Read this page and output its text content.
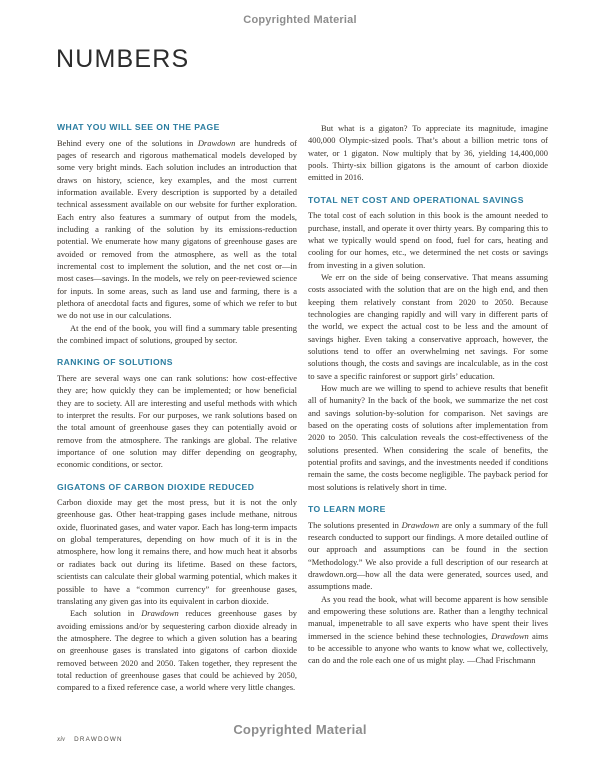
Copyrighted Material
NUMBERS
WHAT YOU WILL SEE ON THE PAGE

Behind every one of the solutions in Drawdown are hundreds of pages of research and rigorous mathematical models developed by some very bright minds. Each solution includes an introduction that draws on history, science, key examples, and the most current information available. Every description is supported by a detailed technical assessment available on our website for further exploration. Each entry also features a summary of output from the models, including a ranking of the solution by its emissions-reduction potential. We enumerate how many gigatons of greenhouse gases are avoided or removed from the atmosphere, as well as the total incremental cost to implement the solution, and the net cost or—in most cases—savings. In the models, we rely on peer-reviewed science for inputs. In some areas, such as land use and farming, there is a plethora of anecdotal facts and figures, some of which we refer to but we do not use in our calculations.

At the end of the book, you will find a summary table presenting the combined impact of solutions, grouped by sector.

RANKING OF SOLUTIONS

There are several ways one can rank solutions: how cost-effective they are; how quickly they can be implemented; or how beneficial they are to society. All are interesting and useful methods with which to interpret the results. For our purposes, we rank solutions based on the total amount of greenhouse gases they can potentially avoid or remove from the atmosphere. The rankings are global. The relative importance of one solution may differ depending on geography, economic conditions, or sector.

GIGATONS OF CARBON DIOXIDE REDUCED

Carbon dioxide may get the most press, but it is not the only greenhouse gas. Other heat-trapping gases include methane, nitrous oxide, fluorinated gases, and water vapor. Each has long-term impacts on global temperatures, depending on how much of it is in the atmosphere, how long it remains there, and how much heat it absorbs or radiates back out during its lifetime. Based on these factors, scientists can calculate their global warming potential, which makes it possible to have a “common currency” for greenhouse gases, translating any given gas into its equivalent in carbon dioxide.

Each solution in Drawdown reduces greenhouse gases by avoiding emissions and/or by sequestering carbon dioxide already in the atmosphere. The degree to which a given solution has a bearing on greenhouse gases is translated into gigatons of carbon dioxide removed between 2020 and 2050. Taken together, they represent the total reduction of greenhouse gases that could be achieved by 2050, compared to a fixed reference case, a world where very little changes.

But what is a gigaton? To appreciate its magnitude, imagine 400,000 Olympic-sized pools. That’s about a billion metric tons of water, or 1 gigaton. Now multiply that by 36, yielding 14,400,000 pools. Thirty-six billion gigatons is the amount of carbon dioxide emitted in 2016.

TOTAL NET COST AND OPERATIONAL SAVINGS

The total cost of each solution in this book is the amount needed to purchase, install, and operate it over thirty years. By comparing this to what we typically would spend on food, fuel for cars, heating and cooling for our homes, etc., we determined the net costs or savings from investing in a given solution.

We err on the side of being conservative. That means assuming costs associated with the solution that are on the high end, and then keeping them relatively constant from 2020 to 2050. Because technologies are changing rapidly and will vary in different parts of the world, we expect the actual cost to be less and the amount of savings higher. Even taking a conservative approach, however, the solutions tend to offer an overwhelming net savings. For some solutions though, the costs and savings are incalculable, as in the cost to save a specific rainforest or support girls’ education.

How much are we willing to spend to achieve results that benefit all of humanity? In the back of the book, we summarize the net cost and savings solution-by-solution for comparison. Net savings are based on the operating costs of solutions after implementation from 2020 to 2050. This calculation reveals the cost-effectiveness of the solutions presented. When considering the scale of benefits, the potential profits and savings, and the investments needed if conditions remain the same, the costs become negligible. The payback period for most solutions is relatively short in time.

TO LEARN MORE

The solutions presented in Drawdown are only a summary of the full research conducted to support our findings. A more detailed outline of our approach and assumptions can be found in the section “Methodology.” We also provide a full description of our research at drawdown.org—how all the data were generated, sources used, and assumptions made.

As you read the book, what will become apparent is how sensible and empowering these solutions are. Rather than a lengthy technical manual, impenetrable to all save experts who have spent their lives immersed in the science behind these technologies, Drawdown aims to be accessible to anyone who wants to know what we, collectively, can do and the role each one of us might play. —Chad Frischmann

xiv DRAWDOWN
Copyrighted Material
